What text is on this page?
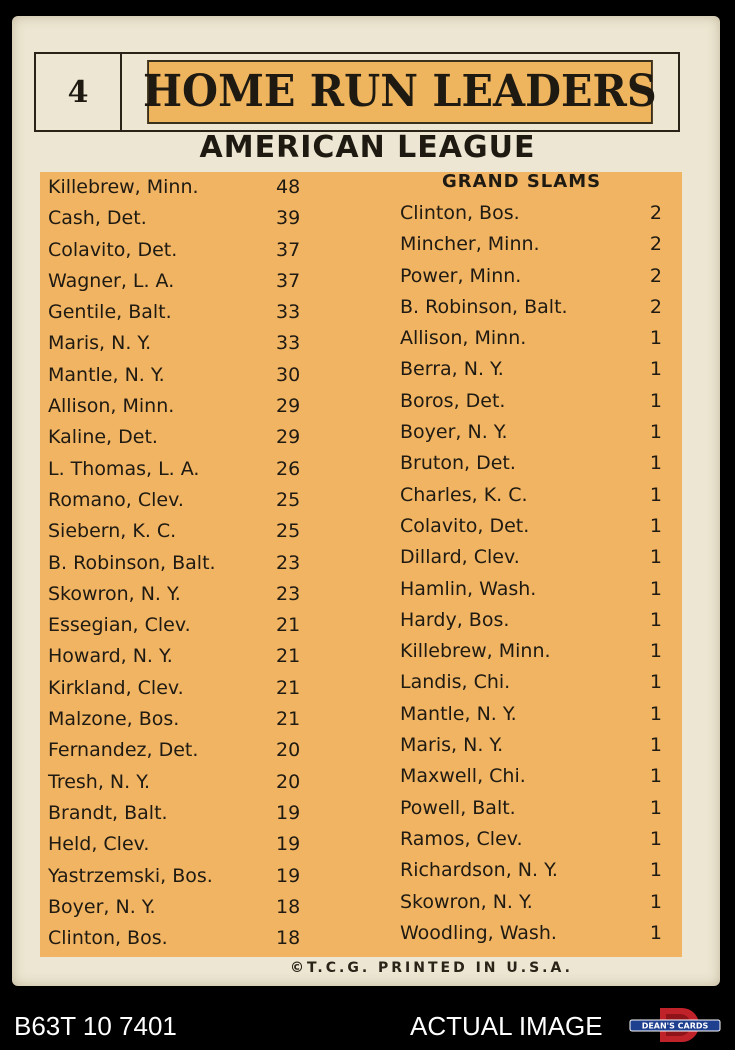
4	HOME RUN LEADERS
AMERICAN LEAGUE
GRAND SLAMS
Killebrew, Minn.	48
Cash, Det.	39
Colavito, Det.	37
Wagner, L. A.	37
Gentile, Balt.	33
Maris, N. Y.	33
Mantle, N. Y.	30
Allison, Minn.	29
Kaline, Det.	29
L. Thomas, L. A.	26
Romano, Clev.	25
Siebern, K. C.	25
B. Robinson, Balt.	23
Skowron, N. Y.	23
Essegian, Clev.	21
Howard, N. Y.	21
Kirkland, Clev.	21
Malzone, Bos.	21
Fernandez, Det.	20
Tresh, N. Y.	20
Brandt, Balt.	19
Held, Clev.	19
Yastrzemski, Bos.	19
Boyer, N. Y.	18
Clinton, Bos.	18
Clinton, Bos.	2
Mincher, Minn.	2
Power, Minn.	2
B. Robinson, Balt.	2
Allison, Minn.	1
Berra, N. Y.	1
Boros, Det.	1
Boyer, N. Y.	1
Bruton, Det.	1
Charles, K. C.	1
Colavito, Det.	1
Dillard, Clev.	1
Hamlin, Wash.	1
Hardy, Bos.	1
Killebrew, Minn.	1
Landis, Chi.	1
Mantle, N. Y.	1
Maris, N. Y.	1
Maxwell, Chi.	1
Powell, Balt.	1
Ramos, Clev.	1
Richardson, N. Y.	1
Skowron, N. Y.	1
Woodling, Wash.	1
©T.C.G. PRINTED IN U.S.A.
B63T 10 7401	ACTUAL IMAGE	DEAN'S CARDS
